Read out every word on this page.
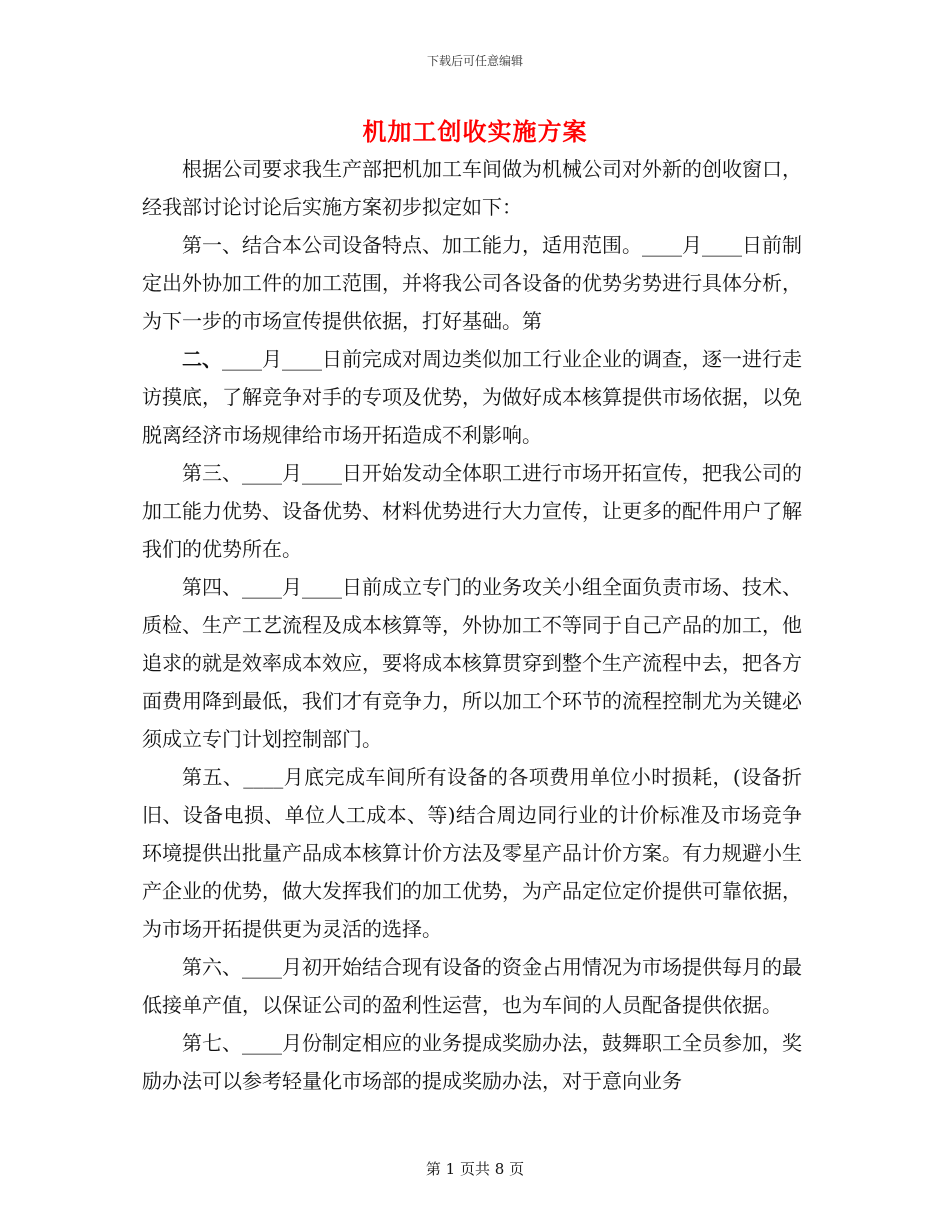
下载后可任意编辑
机加工创收实施方案

根据公司要求我生产部把机加工车间做为机械公司对外新的创收窗口，经我部讨论讨论后实施方案初步拟定如下：

第一、结合本公司设备特点、加工能力，适用范围。____月____日前制定出外协加工件的加工范围，并将我公司各设备的优势劣势进行具体分析，为下一步的市场宣传提供依据，打好基础。第

二、____月____日前完成对周边类似加工行业企业的调查，逐一进行走访摸底，了解竞争对手的专项及优势，为做好成本核算提供市场依据，以免脱离经济市场规律给市场开拓造成不利影响。

第三、____月____日开始发动全体职工进行市场开拓宣传，把我公司的加工能力优势、设备优势、材料优势进行大力宣传，让更多的配件用户了解我们的优势所在。

第四、____月____日前成立专门的业务攻关小组全面负责市场、技术、质检、生产工艺流程及成本核算等，外协加工不等同于自己产品的加工，他追求的就是效率成本效应，要将成本核算贯穿到整个生产流程中去，把各方面费用降到最低，我们才有竞争力，所以加工个环节的流程控制尤为关键必须成立专门计划控制部门。

第五、____月底完成车间所有设备的各项费用单位小时损耗，(设备折旧、设备电损、单位人工成本、等)结合周边同行业的计价标准及市场竞争环境提供出批量产品成本核算计价方法及零星产品计价方案。有力规避小生产企业的优势，做大发挥我们的加工优势，为产品定位定价提供可靠依据，为市场开拓提供更为灵活的选择。

第六、____月初开始结合现有设备的资金占用情况为市场提供每月的最低接单产值，以保证公司的盈利性运营，也为车间的人员配备提供依据。

第七、____月份制定相应的业务提成奖励办法，鼓舞职工全员参加，奖励办法可以参考轻量化市场部的提成奖励办法，对于意向业务

第 1 页共 8 页
